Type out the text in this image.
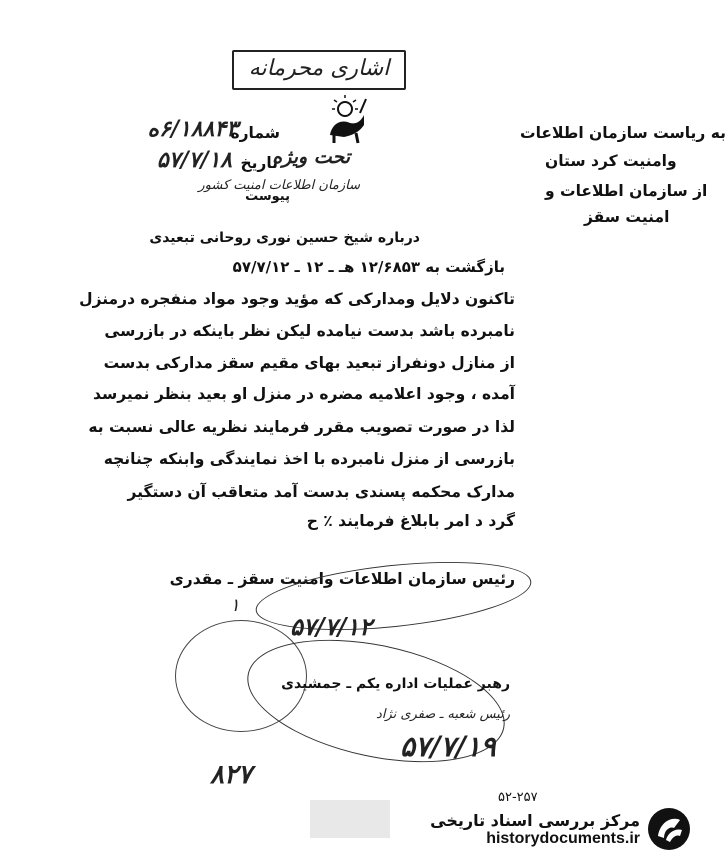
اشاری محرمانه
شماره
۶/۱۸۸۴۳ه
تاریخ
۵۷/۷/۱۸
پیوست
تحت ویژه
سازمان اطلاعات امنیت کشور
به ریاست سازمان اطلاعات
وامنیت کرد ستان
از سازمان اطلاعات و
امنیت سقز
درباره شیخ حسین نوری روحانی تبعیدی
بازگشت به ۱۲/۶۸۵۳ هـ ـ ۱۲ ـ ۵۷/۷/۱۲
تاکنون دلایل ومدارکی که مؤید وجود مواد منفجره درمنزل
نامبرده باشد بدست نیامده لیکن نظر باینکه در بازرسی
از منازل دونفراز تبعید بهای مقیم سقز مدارکی بدست
آمده ، وجود اعلامیه مضره در منزل او بعید بنظر نمیرسد
لذا در صورت تصویب مقرر فرمایند نظریه عالی نسبت به
بازرسی از منزل نامبرده با اخذ نمایندگی وابنکه چنانچه
مدارک محکمه پسندی بدست آمد متعاقب آن دستگیر
گرد د امر بابلاغ فرمایند ٪ ح
رئیس سازمان اطلاعات وامنیت سقز ـ مقدری
۱
۵۷/۷/۱۲
رهبر عملیات اداره یکم ـ جمشیدی
رئیس شعبه ـ صفری نژاد
۵۷/۷/۱۹
۸۲۷
۵۲-۲۵۷
مرکز بررسی اسناد تاریخی
historydocuments.ir
